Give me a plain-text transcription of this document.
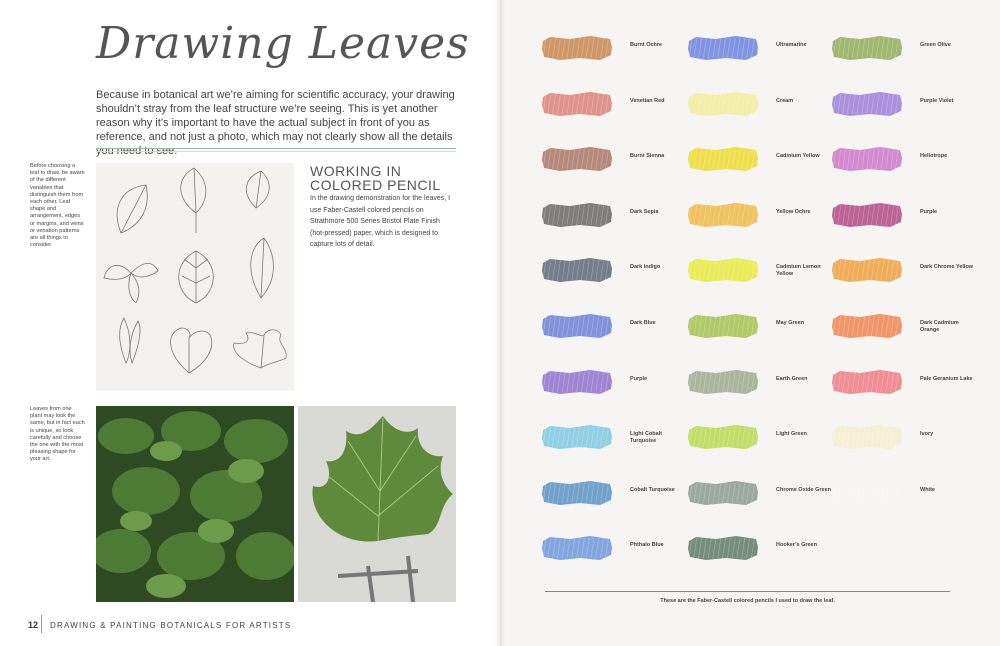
Drawing Leaves

Because in botanical art we’re aiming for scientific accuracy, your drawing shouldn’t stray from the leaf structure we’re seeing. This is yet another reason why it’s important to have the actual subject in front of you as reference, and not just a photo, which may not clearly show all the details you need to see.

Before choosing a leaf to draw, be aware of the different variables that distinguish them from each other. Leaf shape and arrangement, edges or margins, and veins or venation patterns are all things to consider.

Leaves from one plant may look the same, but in fact each is unique, so look carefully and choose the one with the most pleasing shape for your art.

WORKING IN COLORED PENCIL

In the drawing demonstration for the leaves, I use Faber-Castell colored pencils on Strathmore 500 Series Bristol Plate Finish (hot-pressed) paper, which is designed to capture lots of detail.

12 DRAWING & PAINTING BOTANICALS FOR ARTISTS
Burnt Ochre
Venetian Red
Burnt Sienna
Dark Sepia
Dark Indigo
Dark Blue
Purple
Light Cobalt Turquoise
Cobalt Turquoise
Phthalo Blue
Ultramarine
Cream
Cadmium Yellow
Yellow Ochre
Cadmium Lemon Yellow
May Green
Earth Green
Light Green
Chrome Oxide Green
Hooker’s Green
Green Olive
Purple Violet
Heliotrope
Purple
Dark Chrome Yellow
Dark Cadmium Orange
Pale Geranium Lake
Ivory
White
These are the Faber-Castell colored pencils I used to draw the leaf.
